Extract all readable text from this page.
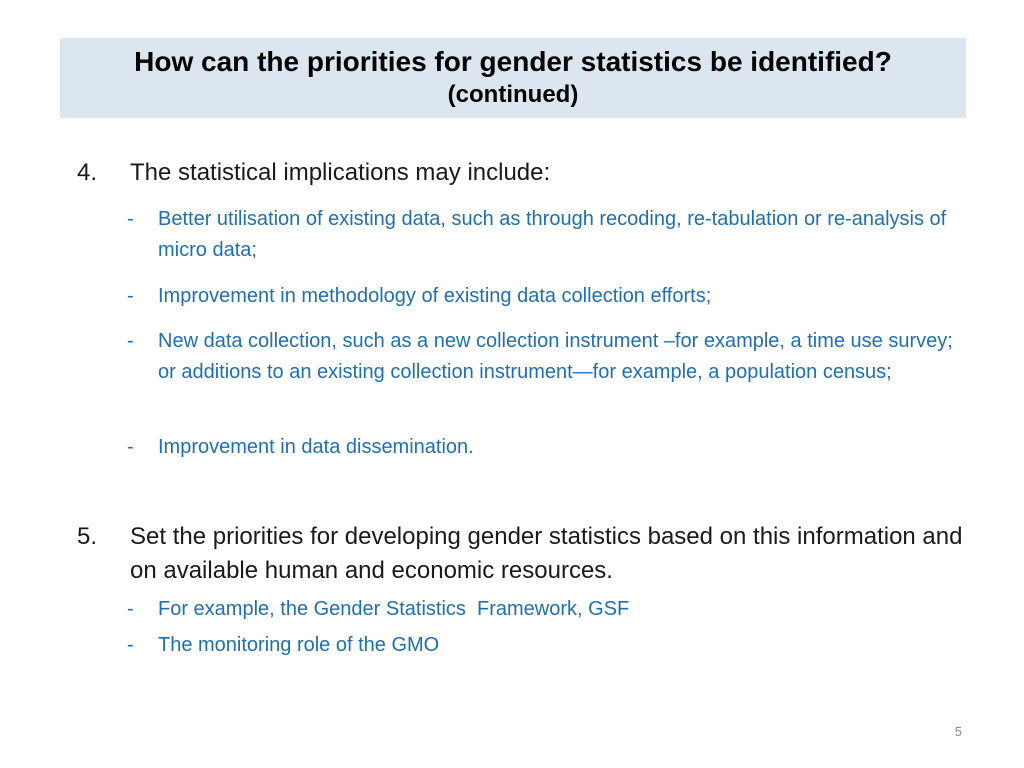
How can the priorities for gender statistics be identified?
(continued)
4. The statistical implications may include:
- Better utilisation of existing data, such as through recoding, re-tabulation or re-analysis of micro data;
- Improvement in methodology of existing data collection efforts;
- New data collection, such as a new collection instrument –for example, a time use survey; or additions to an existing collection instrument—for example, a population census;
- Improvement in data dissemination.
5. Set the priorities for developing gender statistics based on this information and on available human and economic resources.
- For example, the Gender Statistics  Framework, GSF
- The monitoring role of the GMO
5
